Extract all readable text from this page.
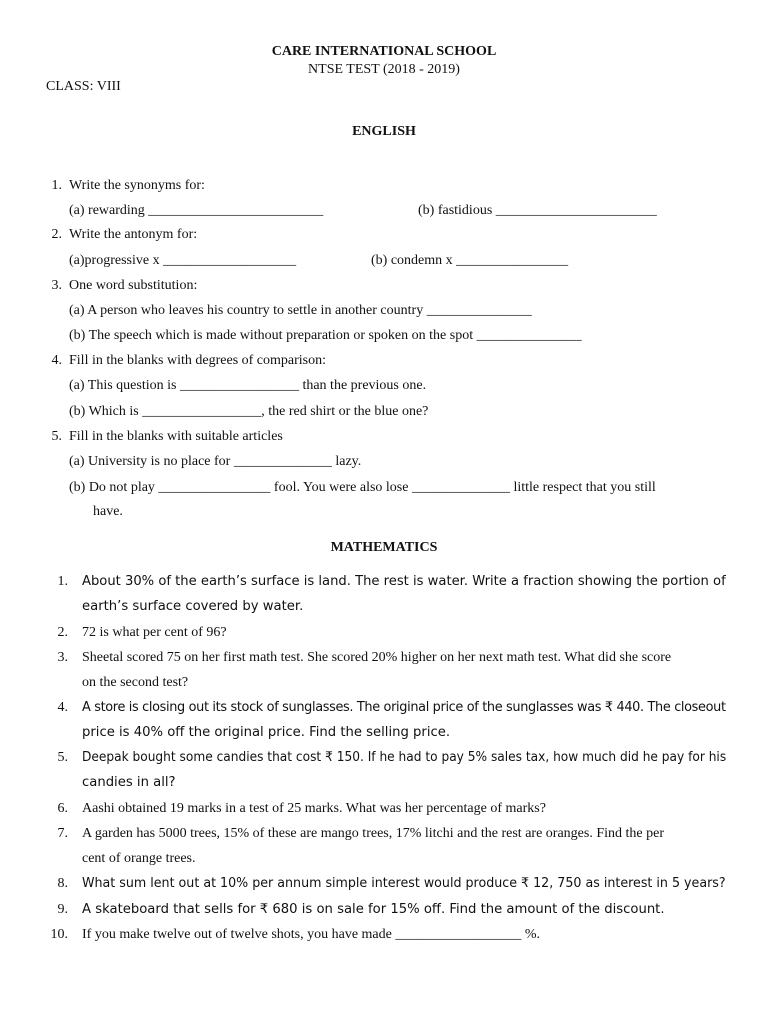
CARE INTERNATIONAL SCHOOL
NTSE TEST (2018 - 2019)
CLASS: VIII
ENGLISH
1. Write the synonyms for:
(a) rewarding _________________________	(b) fastidious _______________________
2. Write the antonym for:
(a)progressive x ___________________	(b) condemn x ________________
3. One word substitution:
(a) A person who leaves his country to settle in another country _______________
(b) The speech which is made without preparation or spoken on the spot _______________
4. Fill in the blanks with degrees of comparison:
(a) This question is _________________ than the previous one.
(b) Which is _________________, the red shirt or the blue one?
5. Fill in the blanks with suitable articles
(a) University is no place for ______________ lazy.
(b) Do not play ________________ fool. You were also lose ______________ little respect that you still
have.
MATHEMATICS
1. About 30% of the earth’s surface is land. The rest is water. Write a fraction showing the portion of
earth’s surface covered by water.
2. 72 is what per cent of 96?
3. Sheetal scored 75 on her first math test. She scored 20% higher on her next math test. What did she score
on the second test?
4. A store is closing out its stock of sunglasses. The original price of the sunglasses was ₹ 440. The closeout
price is 40% off the original price. Find the selling price.
5. Deepak bought some candies that cost ₹ 150. If he had to pay 5% sales tax, how much did he pay for his
candies in all?
6. Aashi obtained 19 marks in a test of 25 marks. What was her percentage of marks?
7. A garden has 5000 trees, 15% of these are mango trees, 17% litchi and the rest are oranges. Find the per
cent of orange trees.
8. What sum lent out at 10% per annum simple interest would produce ₹ 12, 750 as interest in 5 years?
9. A skateboard that sells for ₹ 680 is on sale for 15% off. Find the amount of the discount.
10. If you make twelve out of twelve shots, you have made __________________ %.
